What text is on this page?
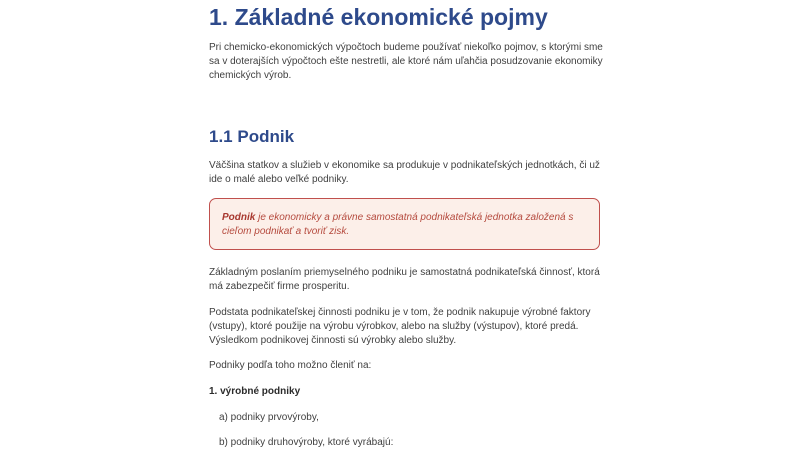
1. Základné ekonomické pojmy

Pri chemicko-ekonomických výpočtoch budeme používať niekoľko pojmov, s ktorými sme sa v doterajších výpočtoch ešte nestretli, ale ktoré nám uľahčia posudzovanie ekonomiky chemických výrob.

1.1 Podnik

Väčšina statkov a služieb v ekonomike sa produkuje v podnikateľských jednotkách, či už ide o malé alebo veľké podniky.

Podnik je ekonomicky a právne samostatná podnikateľská jednotka založená s cieľom podnikať a tvoriť zisk.

Základným poslaním priemyselného podniku je samostatná podnikateľská činnosť, ktorá má zabezpečiť firme prosperitu.

Podstata podnikateľskej činnosti podniku je v tom, že podnik nakupuje výrobné faktory (vstupy), ktoré použije na výrobu výrobkov, alebo na služby (výstupov), ktoré predá. Výsledkom podnikovej činnosti sú výrobky alebo služby.

Podniky podľa toho možno členiť na:

1. výrobné podniky

a) podniky prvovýroby,

b) podniky druhovýroby, ktoré vyrábajú:
